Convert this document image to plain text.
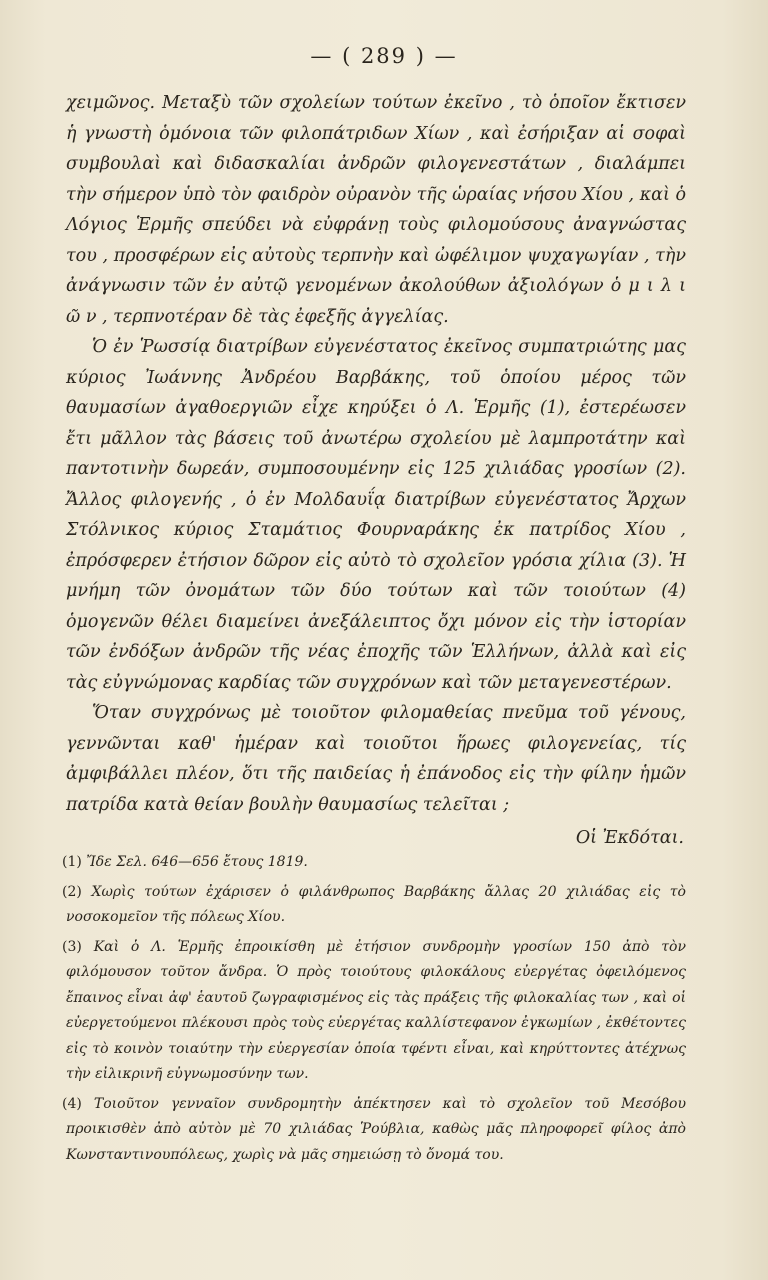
— ( 289 ) —

χειμῶνος. Μεταξὺ τῶν σχολείων τούτων ἐκεῖνο , τὸ ὁποῖον ἔκτισεν ἡ γνωστὴ ὁμόνοια τῶν φιλοπάτριδων Χίων , καὶ ἐσήριξαν αἱ σοφαὶ συμβουλαὶ καὶ διδασκαλίαι ἀνδρῶν φιλογενεστάτων , διαλάμπει τὴν σήμερον ὑπὸ τὸν φαιδρὸν οὐρανὸν τῆς ὡραίας νήσου Χίου , καὶ ὁ Λόγιος Ἑρμῆς σπεύδει νὰ εὐφράνῃ τοὺς φιλομούσους ἀναγνώστας του , προσφέρων εἰς αὐτοὺς τερπνὴν καὶ ὠφέλιμον ψυχαγωγίαν , τὴν ἀνάγνωσιν τῶν ἐν αὐτῷ γενομένων ἀκολούθων ἀξιολόγων ὁ μ ι λ ι ῶ ν , τερπνοτέραν δὲ τὰς ἐφεξῆς ἀγγελίας.

Ὁ ἐν Ῥωσσίᾳ διατρίβων εὐγενέστατος ἐκεῖνος συμπατριώτης μας κύριος Ἰωάννης Ἀνδρέου Βαρβάκης, τοῦ ὁποίου μέρος τῶν θαυμασίων ἀγαθοεργιῶν εἶχε κηρύξει ὁ Λ. Ἑρμῆς (1), ἐστερέωσεν ἔτι μᾶλλον τὰς βάσεις τοῦ ἀνωτέρω σχολείου μὲ λαμπροτάτην καὶ παντοτινὴν δωρεάν, συμποσουμένην εἰς 125 χιλιάδας γροσίων (2). Ἄλλος φιλογενής , ὁ ἐν Μολδαυΐᾳ διατρίβων εὐγενέστατος Ἄρχων Στόλνικος κύριος Σταμάτιος Φουρναράκης ἐκ πατρίδος Χίου , ἐπρόσφερεν ἐτήσιον δῶρον εἰς αὐτὸ τὸ σχολεῖον γρόσια χίλια (3). Ἡ μνήμη τῶν ὀνομάτων τῶν δύο τούτων καὶ τῶν τοιούτων (4) ὁμογενῶν θέλει διαμείνει ἀνεξάλειπτος ὄχι μόνον εἰς τὴν ἱστορίαν τῶν ἐνδόξων ἀνδρῶν τῆς νέας ἐποχῆς τῶν Ἑλλήνων, ἀλλὰ καὶ εἰς τὰς εὐγνώμονας καρδίας τῶν συγχρόνων καὶ τῶν μεταγενεστέρων.

Ὅταν συγχρόνως μὲ τοιοῦτον φιλομαθείας πνεῦμα τοῦ γένους, γεννῶνται καθ' ἡμέραν καὶ τοιοῦτοι ἥρωες φιλογενείας, τίς ἀμφιβάλλει πλέον, ὅτι τῆς παιδείας ἡ ἐπάνοδος εἰς τὴν φίλην ἡμῶν πατρίδα κατὰ θείαν βουλὴν θαυμασίως τελεῖται ;

Οἱ Ἐκδόται.

(1) Ἴδε Σελ. 646—656 ἔτους 1819.

(2) Χωρὶς τούτων ἐχάρισεν ὁ φιλάνθρωπος Βαρβάκης ἄλλας 20 χιλιάδας εἰς τὸ νοσοκομεῖον τῆς πόλεως Χίου.

(3) Καὶ ὁ Λ. Ἑρμῆς ἐπροικίσθη μὲ ἐτήσιον συνδρομὴν γροσίων 150 ἀπὸ τὸν φιλόμουσον τοῦτον ἄνδρα. Ὁ πρὸς τοιούτους φιλοκάλους εὐεργέτας ὀφειλόμενος ἔπαινος εἶναι ἀφ' ἑαυτοῦ ζωγραφισμένος εἰς τὰς πράξεις τῆς φιλοκαλίας των , καὶ οἱ εὐεργετούμενοι πλέκουσι πρὸς τοὺς εὐεργέτας καλλίστεφανον ἐγκωμίων , ἐκθέτοντες εἰς τὸ κοινὸν τοιαύτην τὴν εὐεργεσίαν ὁποία τφέντι εἶναι, καὶ κηρύττοντες ἀτέχνως τὴν εἰλικρινῆ εὐγνωμοσύνην των.

(4) Τοιοῦτον γενναῖον συνδρομητὴν ἀπέκτησεν καὶ τὸ σχολεῖον τοῦ Μεσόβου προικισθὲν ἀπὸ αὐτὸν μὲ 70 χιλιάδας Ῥούβλια, καθὼς μᾶς πληροφορεῖ φίλος ἀπὸ Κωνσταντινουπόλεως, χωρὶς νὰ μᾶς σημειώσῃ τὸ ὄνομά του.
